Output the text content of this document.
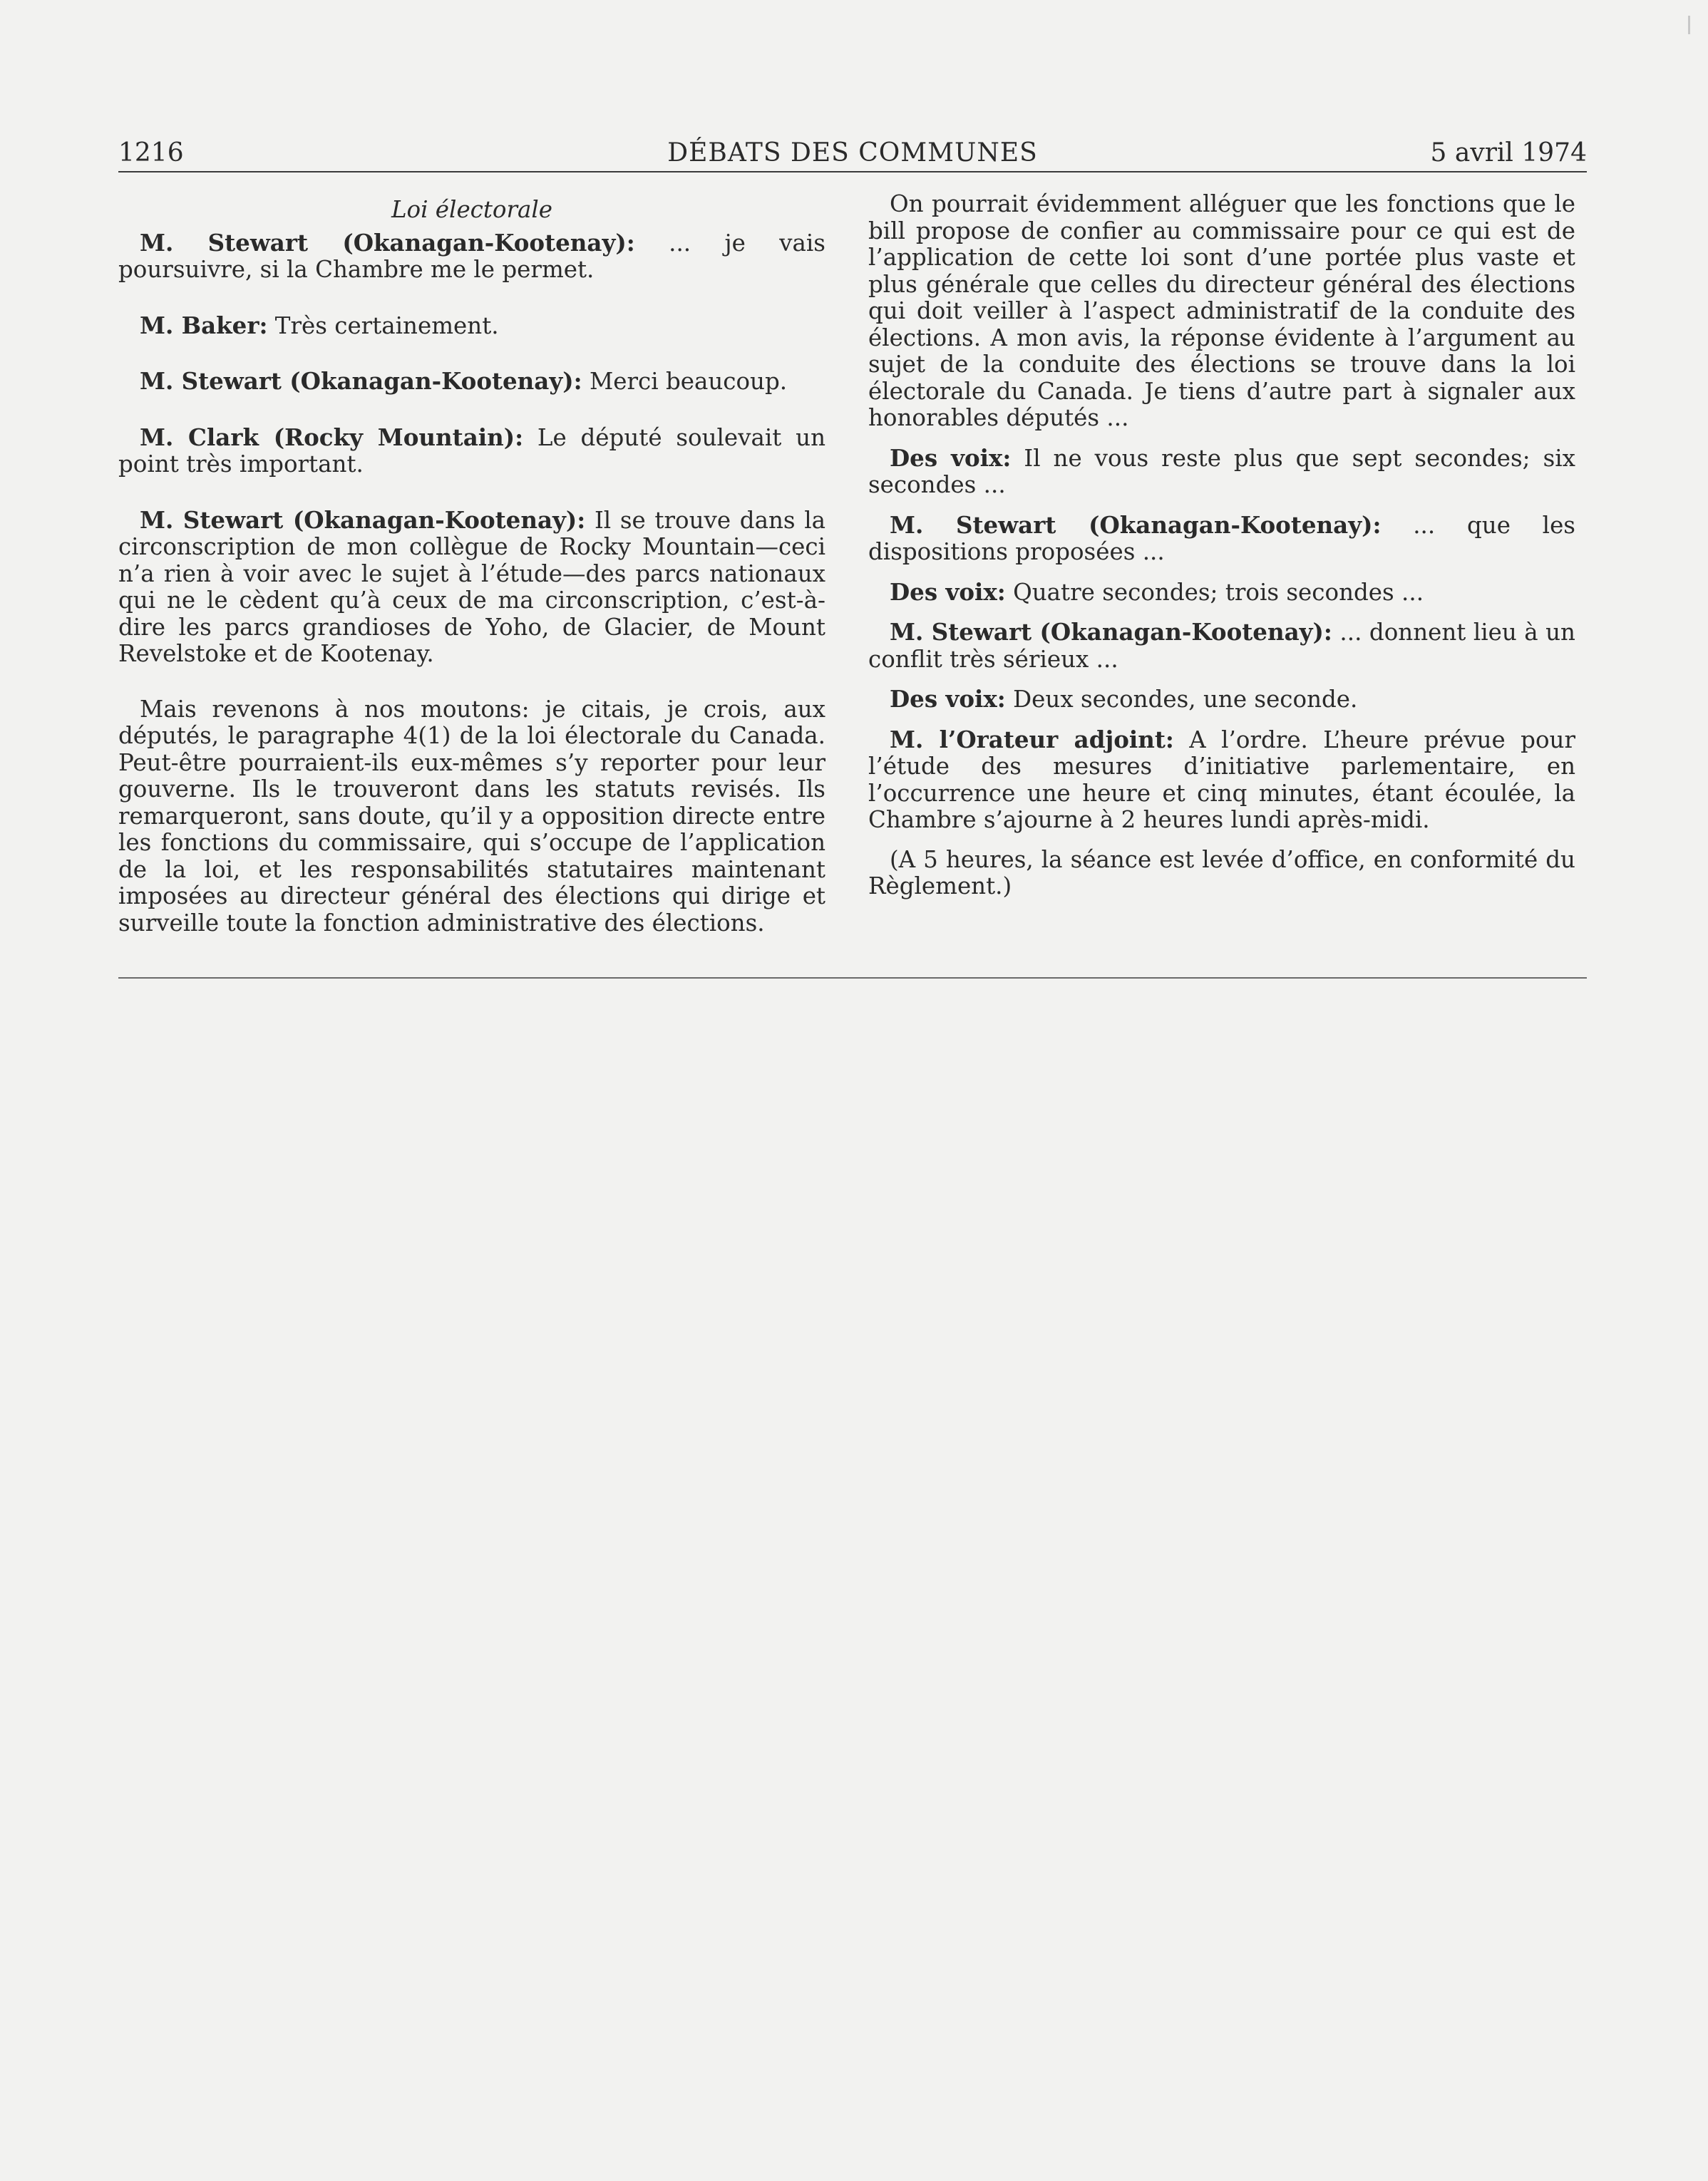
1216	DÉBATS DES COMMUNES	5 avril 1974
Loi électorale

M. Stewart (Okanagan-Kootenay): ... je vais poursuivre, si la Chambre me le permet.

M. Baker: Très certainement.

M. Stewart (Okanagan-Kootenay): Merci beaucoup.

M. Clark (Rocky Mountain): Le député soulevait un point très important.

M. Stewart (Okanagan-Kootenay): Il se trouve dans la circonscription de mon collègue de Rocky Mountain—ceci n’a rien à voir avec le sujet à l’étude—des parcs nationaux qui ne le cèdent qu’à ceux de ma circonscription, c’est-à-dire les parcs grandioses de Yoho, de Glacier, de Mount Revelstoke et de Kootenay.

Mais revenons à nos moutons: je citais, je crois, aux députés, le paragraphe 4(1) de la loi électorale du Canada. Peut-être pourraient-ils eux-mêmes s’y reporter pour leur gouverne. Ils le trouveront dans les statuts revisés. Ils remarqueront, sans doute, qu’il y a opposition directe entre les fonctions du commissaire, qui s’occupe de l’application de la loi, et les responsabilités statutaires maintenant imposées au directeur général des élections qui dirige et surveille toute la fonction administrative des élections.

On pourrait évidemment alléguer que les fonctions que le bill propose de confier au commissaire pour ce qui est de l’application de cette loi sont d’une portée plus vaste et plus générale que celles du directeur général des élections qui doit veiller à l’aspect administratif de la conduite des élections. A mon avis, la réponse évidente à l’argument au sujet de la conduite des élections se trouve dans la loi électorale du Canada. Je tiens d’autre part à signaler aux honorables députés ...

Des voix: Il ne vous reste plus que sept secondes; six secondes ...

M. Stewart (Okanagan-Kootenay): ... que les dispositions proposées ...

Des voix: Quatre secondes; trois secondes ...

M. Stewart (Okanagan-Kootenay): ... donnent lieu à un conflit très sérieux ...

Des voix: Deux secondes, une seconde.

M. l’Orateur adjoint: A l’ordre. L’heure prévue pour l’étude des mesures d’initiative parlementaire, en l’occurrence une heure et cinq minutes, étant écoulée, la Chambre s’ajourne à 2 heures lundi après-midi.

(A 5 heures, la séance est levée d’office, en conformité du Règlement.)
